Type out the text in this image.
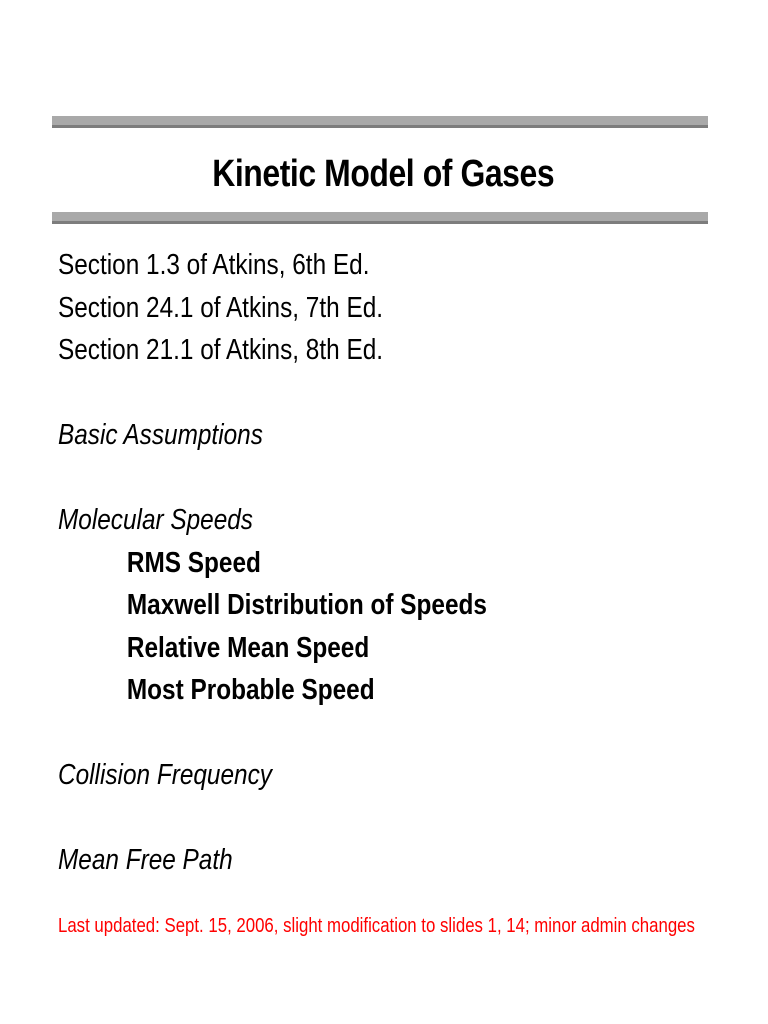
Kinetic Model of Gases
Section 1.3 of Atkins, 6th Ed.
Section 24.1 of Atkins, 7th Ed.
Section 21.1 of Atkins, 8th Ed.
Basic Assumptions
Molecular Speeds
RMS Speed
Maxwell Distribution of Speeds
Relative Mean Speed
Most Probable Speed
Collision Frequency
Mean Free Path
Last updated: Sept. 15, 2006, slight modification to slides 1, 14; minor admin changes
